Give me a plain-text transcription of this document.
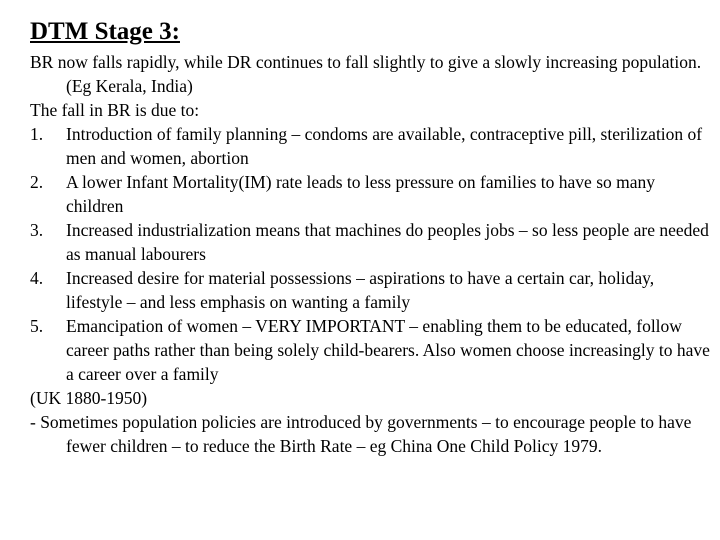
DTM Stage 3:

BR now falls rapidly, while DR continues to fall slightly to give a slowly increasing population. (Eg Kerala, India)

The fall in BR is due to:

1.	Introduction of family planning – condoms are available, contraceptive pill, sterilization of men and women, abortion
2.	A lower Infant Mortality(IM) rate leads to less pressure on families to have so many children
3.	Increased industrialization means that machines do peoples jobs – so less people are needed as manual labourers
4.	Increased desire for material possessions – aspirations to have a certain car, holiday, lifestyle – and less emphasis on wanting a family
5.	Emancipation of women – VERY IMPORTANT – enabling them to be educated, follow career paths rather than being solely child-bearers. Also women choose increasingly to have a career over a family

(UK 1880-1950)

- Sometimes population policies are introduced by governments – to encourage people to have fewer children – to reduce the Birth Rate – eg China One Child Policy 1979.
